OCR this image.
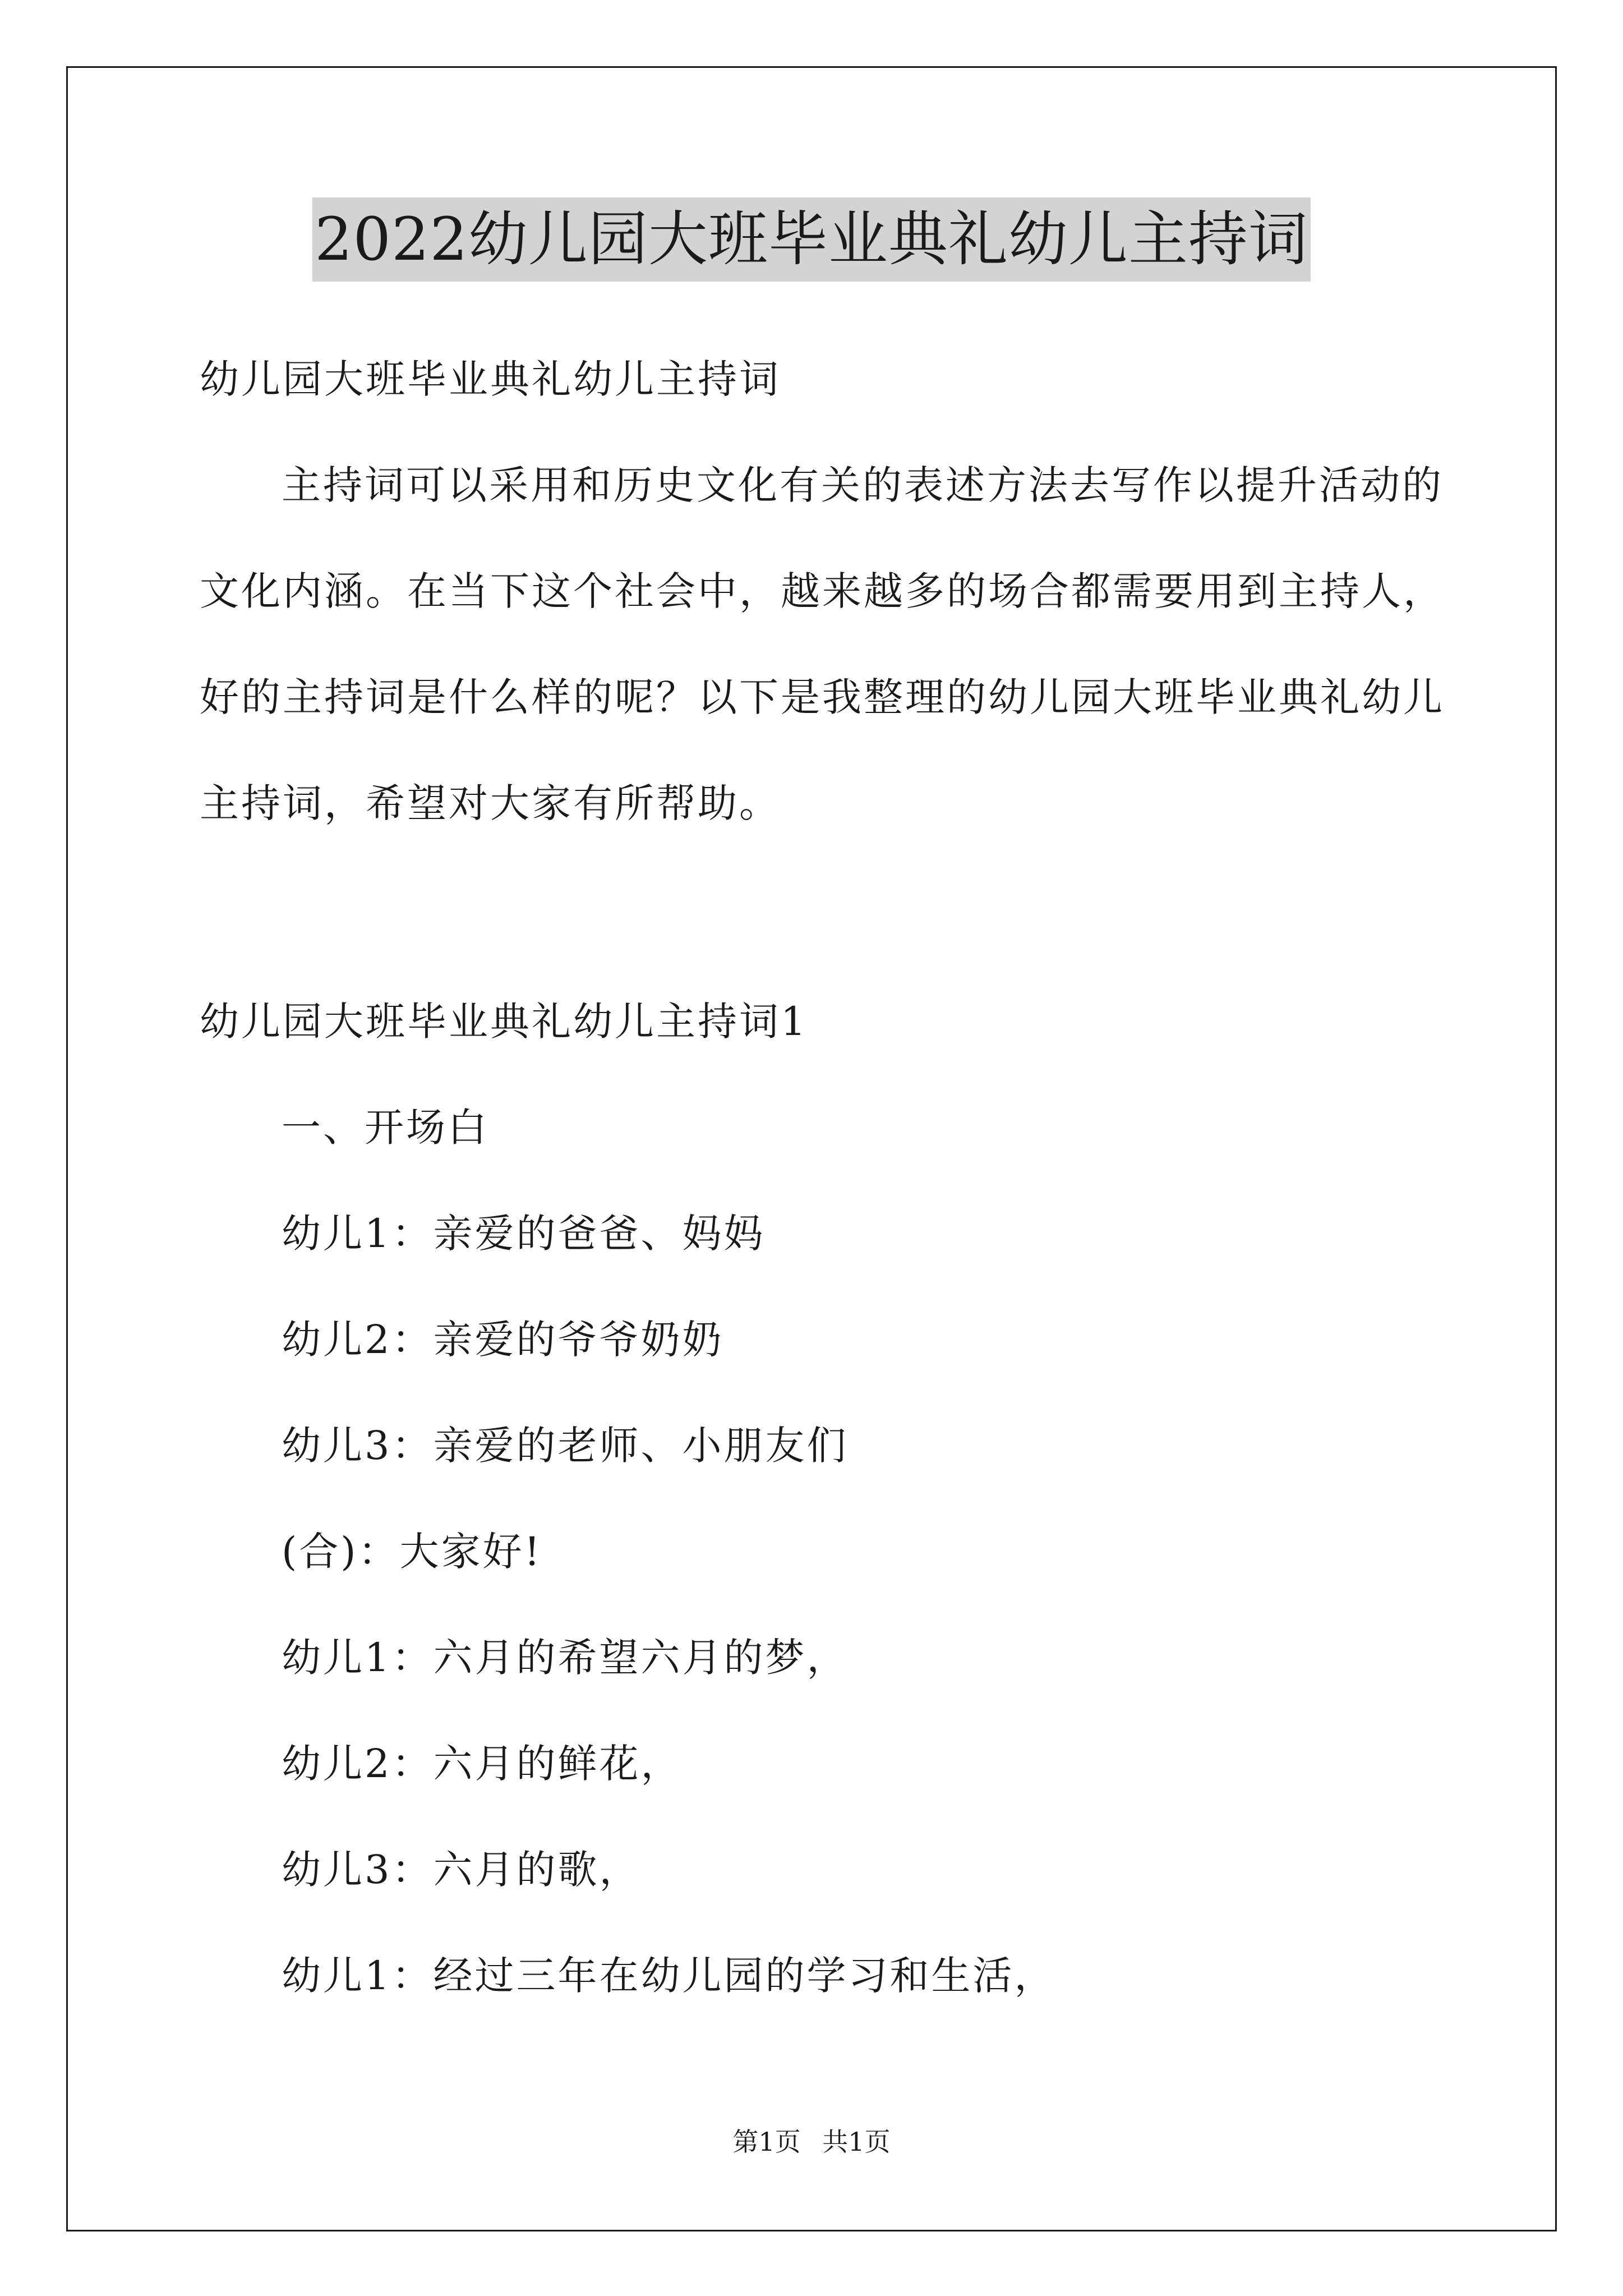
2022幼儿园大班毕业典礼幼儿主持词
幼儿园大班毕业典礼幼儿主持词
主持词可以采用和历史文化有关的表述方法去写作以提升活动的
文化内涵。在当下这个社会中，越来越多的场合都需要用到主持人，
好的主持词是什么样的呢？以下是我整理的幼儿园大班毕业典礼幼儿
主持词，希望对大家有所帮助。
幼儿园大班毕业典礼幼儿主持词1
一、开场白
幼儿1：亲爱的爸爸、妈妈
幼儿2：亲爱的爷爷奶奶
幼儿3：亲爱的老师、小朋友们
(合)：大家好!
幼儿1：六月的希望六月的梦，
幼儿2：六月的鲜花，
幼儿3：六月的歌，
幼儿1：经过三年在幼儿园的学习和生活，
第1页 共1页
